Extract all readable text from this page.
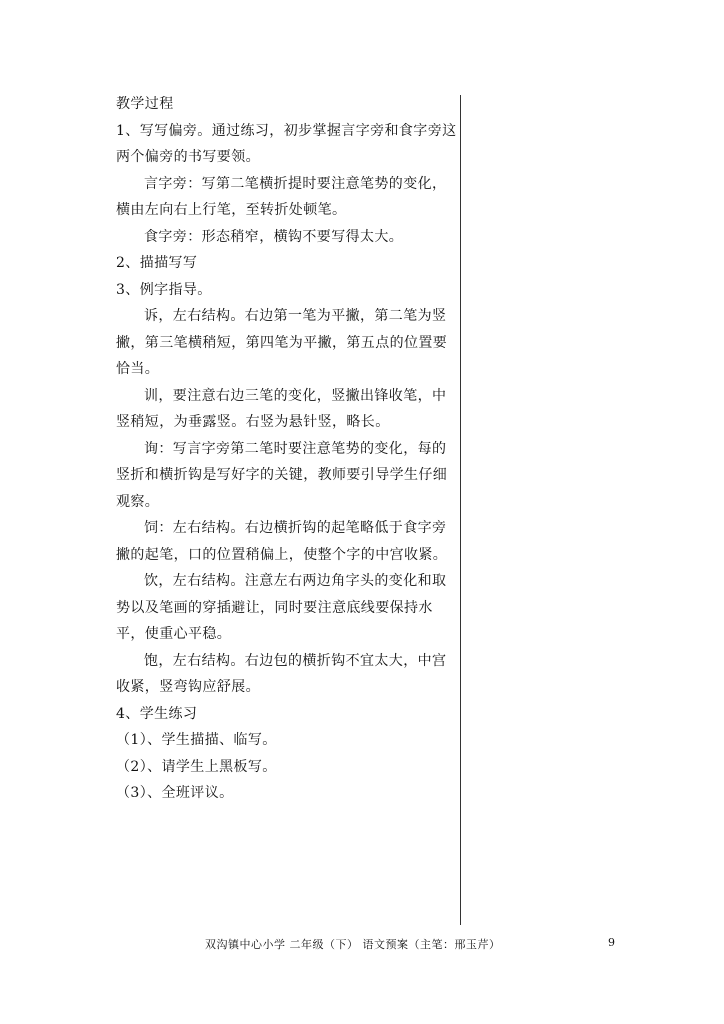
教学过程
1、写写偏旁。通过练习，初步掌握言字旁和食字旁这
两个偏旁的书写要领。
言字旁：写第二笔横折提时要注意笔势的变化，
横由左向右上行笔，至转折处顿笔。
食字旁：形态稍窄，横钩不要写得太大。
2、描描写写
3、例字指导。
诉，左右结构。右边第一笔为平撇，第二笔为竖
撇，第三笔横稍短，第四笔为平撇，第五点的位置要
恰当。
训，要注意右边三笔的变化，竖撇出锋收笔，中
竖稍短，为垂露竖。右竖为悬针竖，略长。
询：写言字旁第二笔时要注意笔势的变化，每的
竖折和横折钩是写好字的关键，教师要引导学生仔细
观察。
饲：左右结构。右边横折钩的起笔略低于食字旁
撇的起笔，口的位置稍偏上，使整个字的中宫收紧。
饮，左右结构。注意左右两边角字头的变化和取
势以及笔画的穿插避让，同时要注意底线要保持水
平，使重心平稳。
饱，左右结构。右边包的横折钩不宜太大，中宫
收紧，竖弯钩应舒展。
4、学生练习
（1）、学生描描、临写。
（2）、请学生上黑板写。
（3）、全班评议。
双沟镇中心小学 二年级（下） 语文预案（主笔：邢玉芹）	9
